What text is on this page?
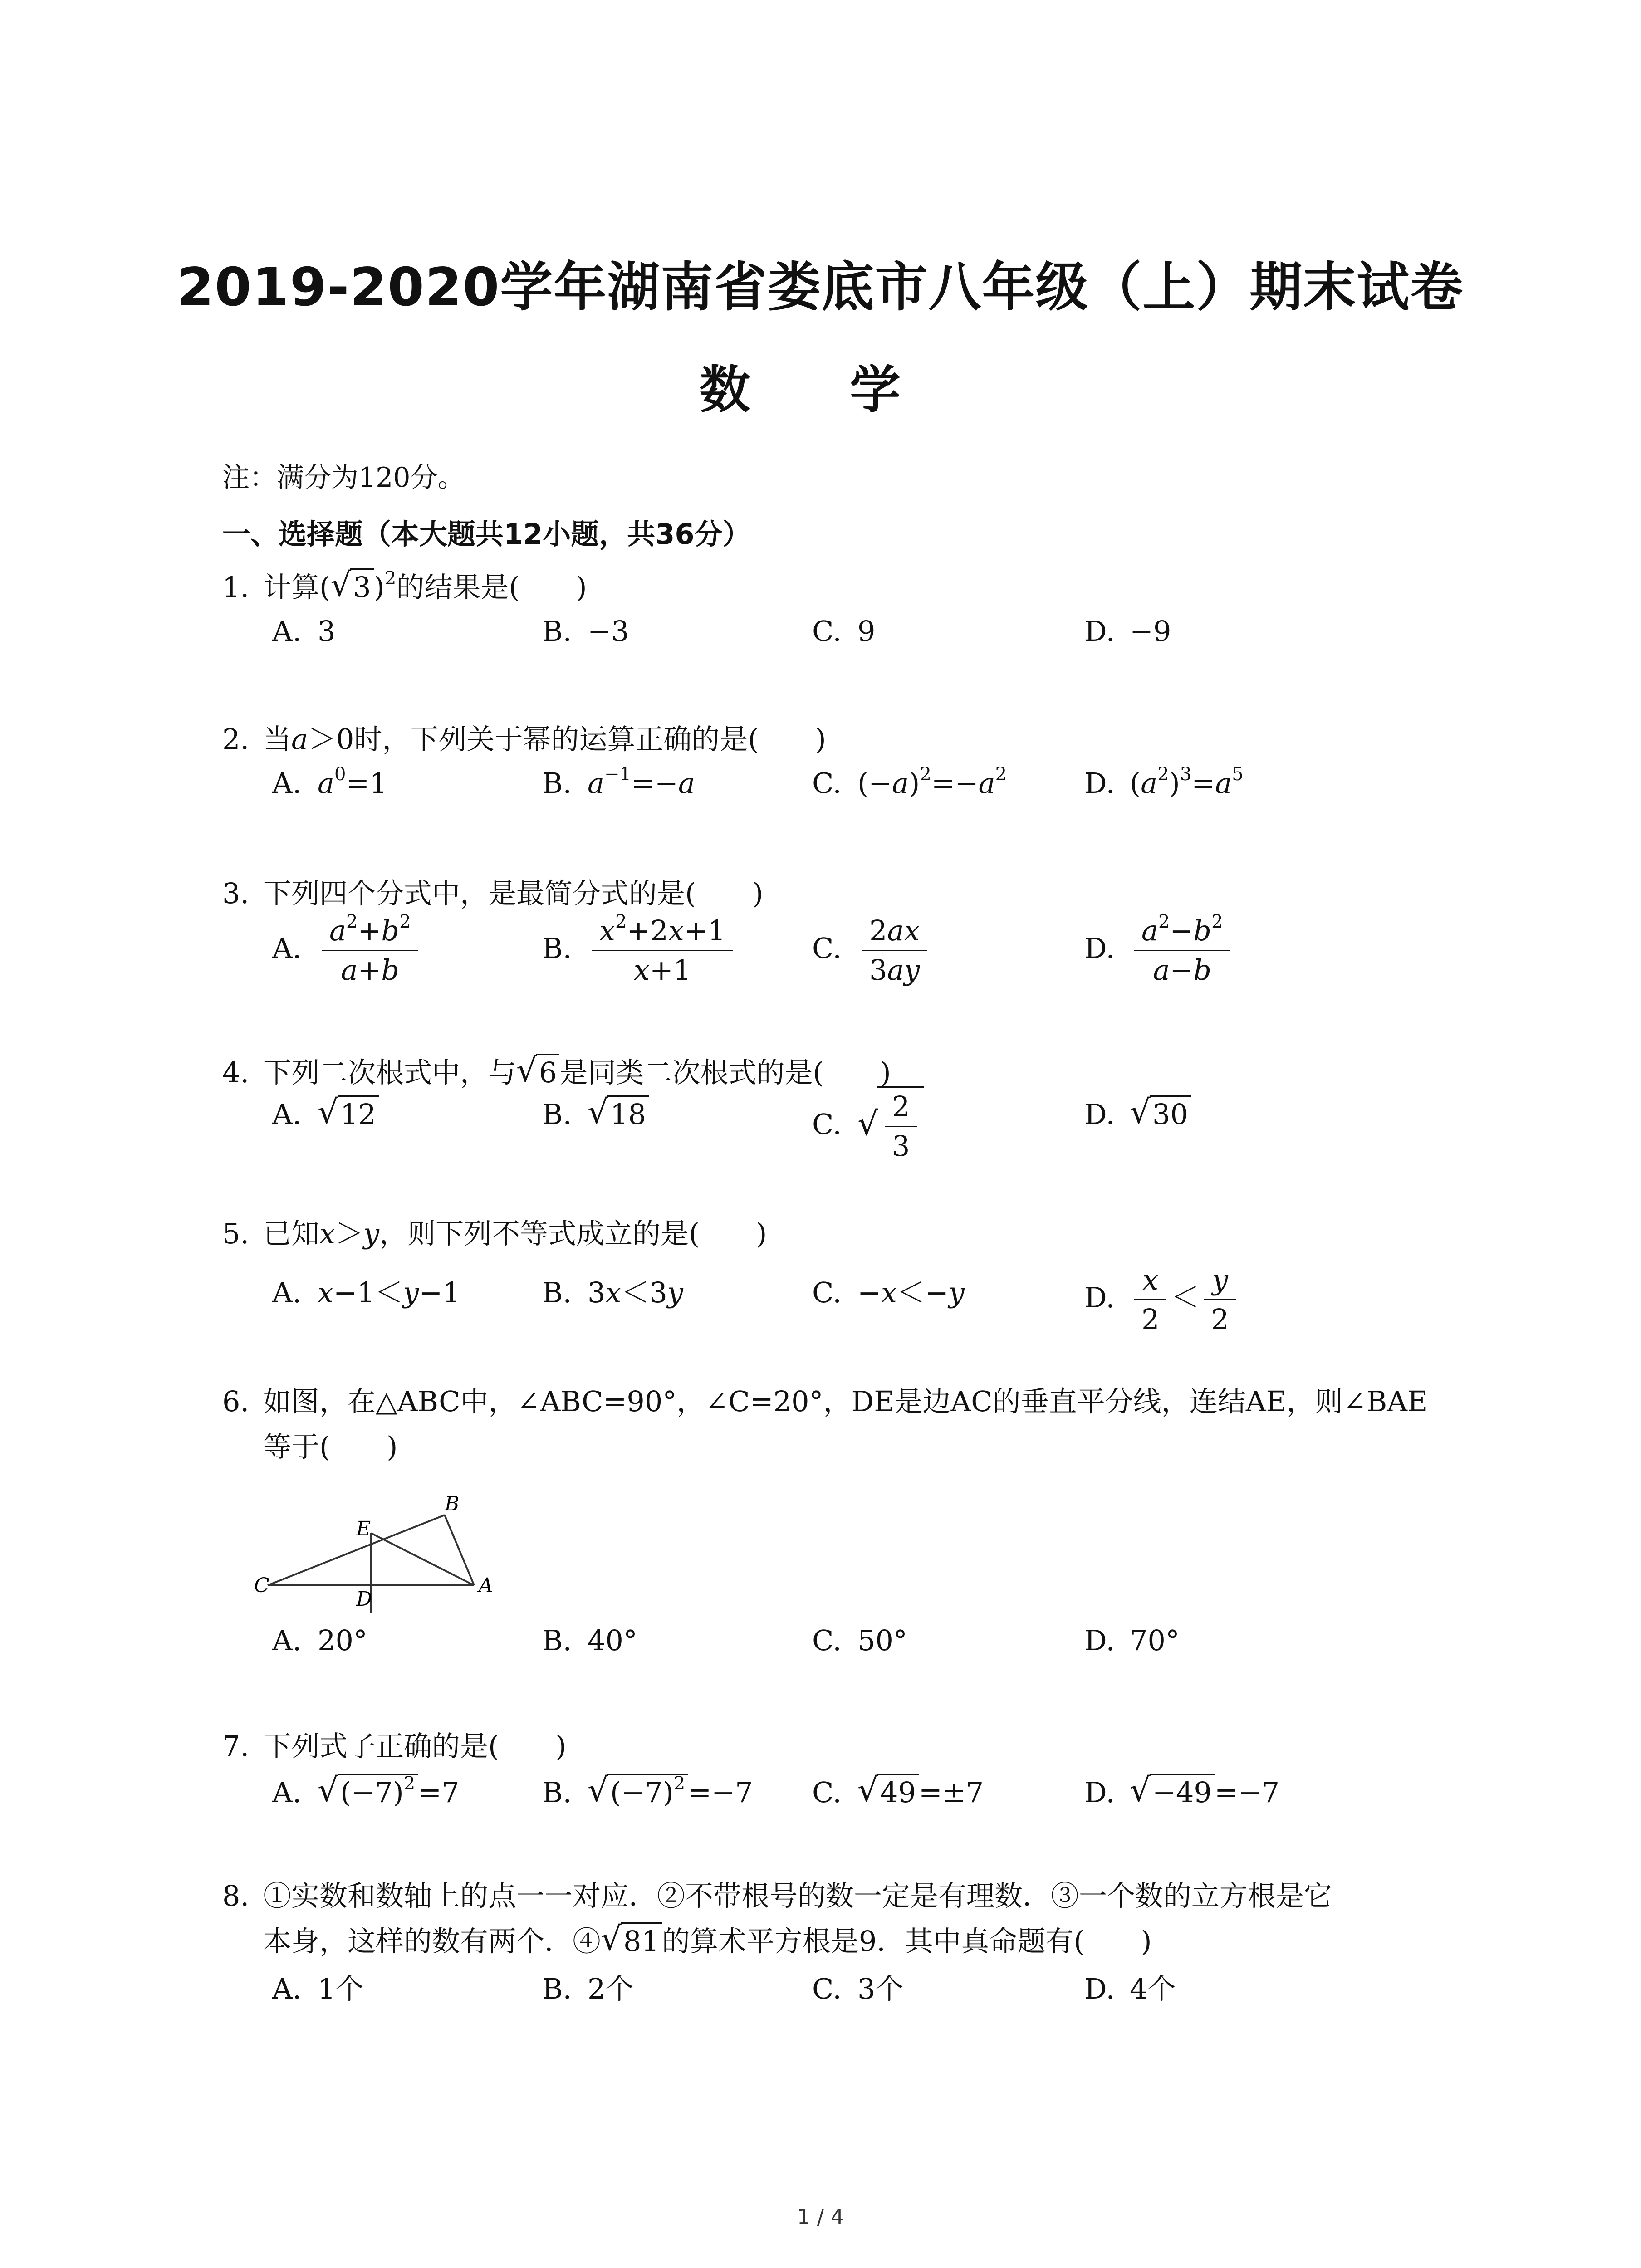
2019-2020学年湖南省娄底市八年级（上）期末试卷
数 学
注：满分为120分。
一、选择题（本大题共12小题，共36分）
1. 计算( √ 3)$^2$的结果是(　　)
A. 3	B. −3	C. 9	D. −9
2. 当a＞0时，下列关于幂的运算正确的是(　　)
A. $a^0=1$	B. $a^{-1}=-a$	C. $(-a)^2=-a^2$	D. $(a^2)^3=a^5$
3. 下列四个分式中，是最简分式的是(　　)
A. $\frac{a^2+b^2}{a+b}$	B. $\frac{x^2+2x+1}{x+1}$	C. $\frac{2ax}{3ay}$	D. $\frac{a^2-b^2}{a-b}$
4. 下列二次根式中，与 √ 6是同类二次根式的是(　　)
A. √ 12	B. √ 18	C. √ $\frac{2}{3}$	D. √ 30
5. 已知x＞y，则下列不等式成立的是(　　)
A. x−1＜y−1	B. 3x＜3y	C. −x＜−y	D. $\frac{x}{2} < \frac{y}{2}$
6. 如图，在△ABC中，∠ABC=90°，∠C=20°，DE是边AC的垂直平分线，连结AE，则∠BAE
等于(　　)
C
B
A
E
D
A. 20°	B. 40°	C. 50°	D. 70°
7. 下列式子正确的是(　　)
A. √ $(-7)^2=7$	B. √ $(-7)^2=-7$ C. √ 49=±7	D. √ −49=−7
8. ①实数和数轴上的点一一对应．②不带根号的数一定是有理数．③一个数的立方根是它
本身，这样的数有两个．④ √ 81的算术平方根是9．其中真命题有(　　)
A. 1个	B. 2个	C. 3个	D. 4个
1 / 4
